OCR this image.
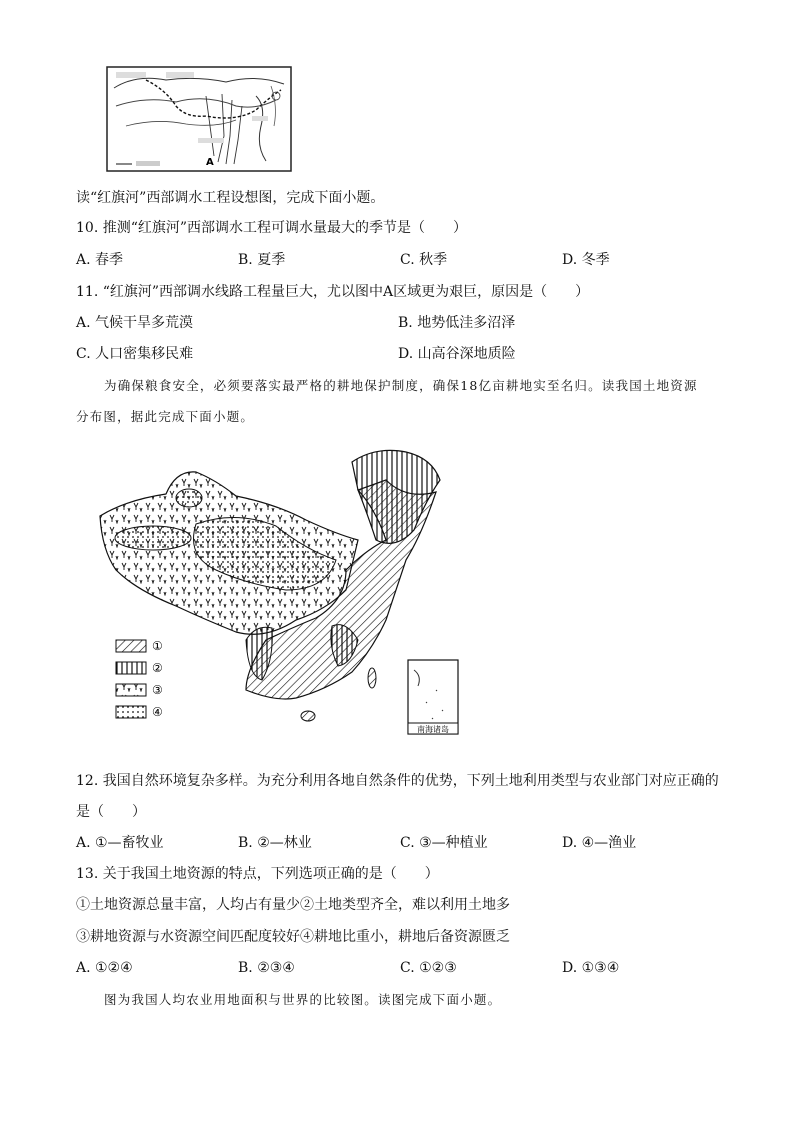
A
读“红旗河”西部调水工程设想图，完成下面小题。
10. 推测“红旗河”西部调水工程可调水量最大的季节是（　　）
A. 春季	B. 夏季	C. 秋季	D. 冬季
11. “红旗河”西部调水线路工程量巨大，尤以图中A区域更为艰巨，原因是（　　）
A. 气候干旱多荒漠	B. 地势低洼多沼泽
C. 人口密集移民难	D. 山高谷深地质险
为确保粮食安全，必须要落实最严格的耕地保护制度，确保18亿亩耕地实至名归。读我国土地资源
分布图，据此完成下面小题。
南海诸岛
①
②
③
④
12. 我国自然环境复杂多样。为充分利用各地自然条件的优势，下列土地利用类型与农业部门对应正确的
是（　　）
A. ①—畜牧业	B. ②—林业	C. ③—种植业	D. ④—渔业
13. 关于我国土地资源的特点，下列选项正确的是（　　）
①土地资源总量丰富，人均占有量少②土地类型齐全，难以利用土地多
③耕地资源与水资源空间匹配度较好④耕地比重小，耕地后备资源匮乏
A. ①②④	B. ②③④	C. ①②③	D. ①③④
图为我国人均农业用地面积与世界的比较图。读图完成下面小题。
